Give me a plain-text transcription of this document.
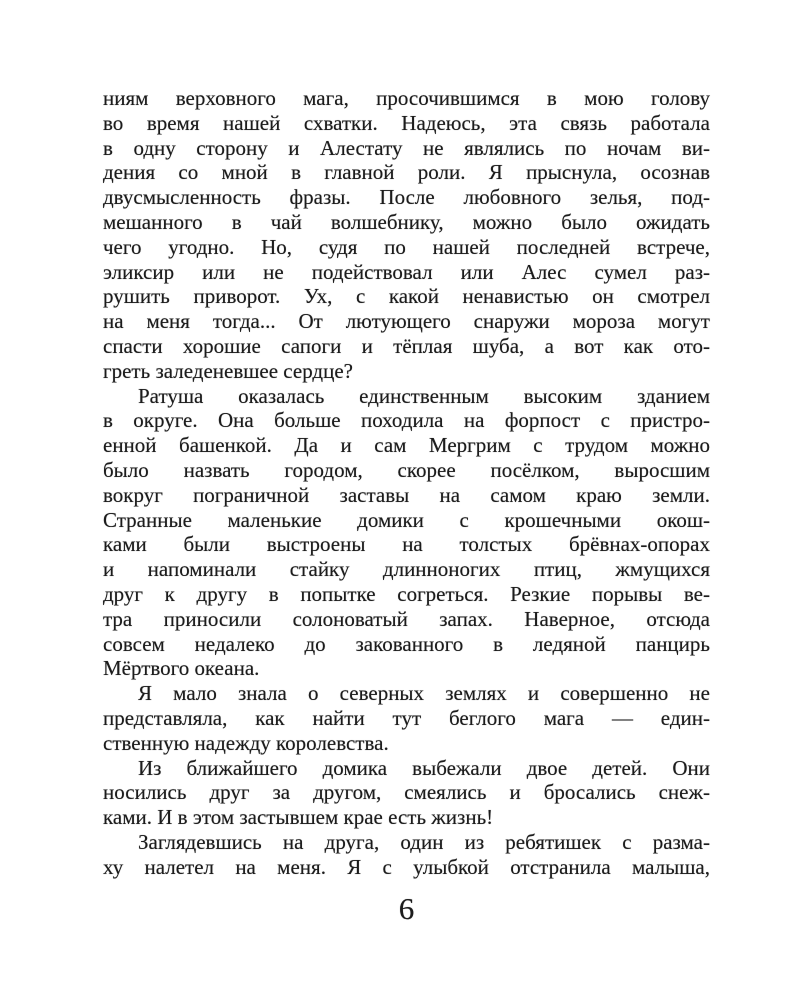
ниям верховного мага, просочившимся в мою голову
во время нашей схватки. Надеюсь, эта связь работала
в одну сторону и Алестату не являлись по ночам ви-
дения со мной в главной роли. Я прыснула, осознав
двусмысленность фразы. После любовного зелья, под-
мешанного в чай волшебнику, можно было ожидать
чего угодно. Но, судя по нашей последней встрече,
эликсир или не подействовал или Алес сумел раз-
рушить приворот. Ух, с какой ненавистью он смотрел
на меня тогда... От лютующего снаружи мороза могут
спасти хорошие сапоги и тёплая шуба, а вот как ото-
греть заледеневшее сердце?
Ратуша оказалась единственным высоким зданием
в округе. Она больше походила на форпост с пристро-
енной башенкой. Да и сам Мергрим с трудом можно
было назвать городом, скорее посёлком, выросшим
вокруг пограничной заставы на самом краю земли.
Странные маленькие домики с крошечными окош-
ками были выстроены на толстых брёвнах-опорах
и напоминали стайку длинноногих птиц, жмущихся
друг к другу в попытке согреться. Резкие порывы ве-
тра приносили солоноватый запах. Наверное, отсюда
совсем недалеко до закованного в ледяной панцирь
Мёртвого океана.
Я мало знала о северных землях и совершенно не
представляла, как найти тут беглого мага — един-
ственную надежду королевства.
Из ближайшего домика выбежали двое детей. Они
носились друг за другом, смеялись и бросались снеж-
ками. И в этом застывшем крае есть жизнь!
Заглядевшись на друга, один из ребятишек с разма-
ху налетел на меня. Я с улыбкой отстранила малыша,
6
